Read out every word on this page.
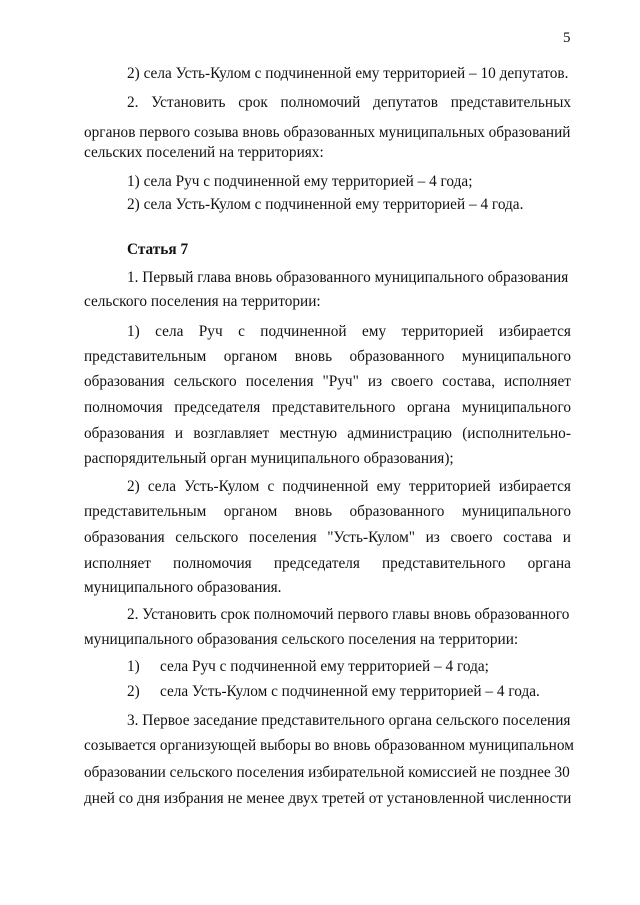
5
2) села Усть-Кулом с подчиненной ему территорией – 10 депутатов.
2. Установить срок полномочий депутатов представительных
органов первого созыва вновь образованных муниципальных образований
сельских поселений на территориях:
1) села Руч с подчиненной ему территорией – 4 года;
2) села Усть-Кулом с подчиненной ему территорией – 4 года.
Статья 7
1. Первый глава вновь образованного муниципального образования
сельского поселения на территории:
1) села Руч с подчиненной ему территорией избирается
представительным органом вновь образованного муниципального
образования сельского поселения "Руч" из своего состава, исполняет
полномочия председателя представительного органа муниципального
образования и возглавляет местную администрацию (исполнительно-
распорядительный орган муниципального образования);
2) села Усть-Кулом с подчиненной ему территорией избирается
представительным органом вновь образованного муниципального
образования сельского поселения "Усть-Кулом" из своего состава и
исполняет полномочия председателя представительного органа
муниципального образования.
2. Установить срок полномочий первого главы вновь образованного
муниципального образования сельского поселения на территории:
1) села Руч с подчиненной ему территорией – 4 года;
2) села Усть-Кулом с подчиненной ему территорией – 4 года.
3. Первое заседание представительного органа сельского поселения
созывается организующей выборы во вновь образованном муниципальном
образовании сельского поселения избирательной комиссией не позднее 30
дней со дня избрания не менее двух третей от установленной численности
